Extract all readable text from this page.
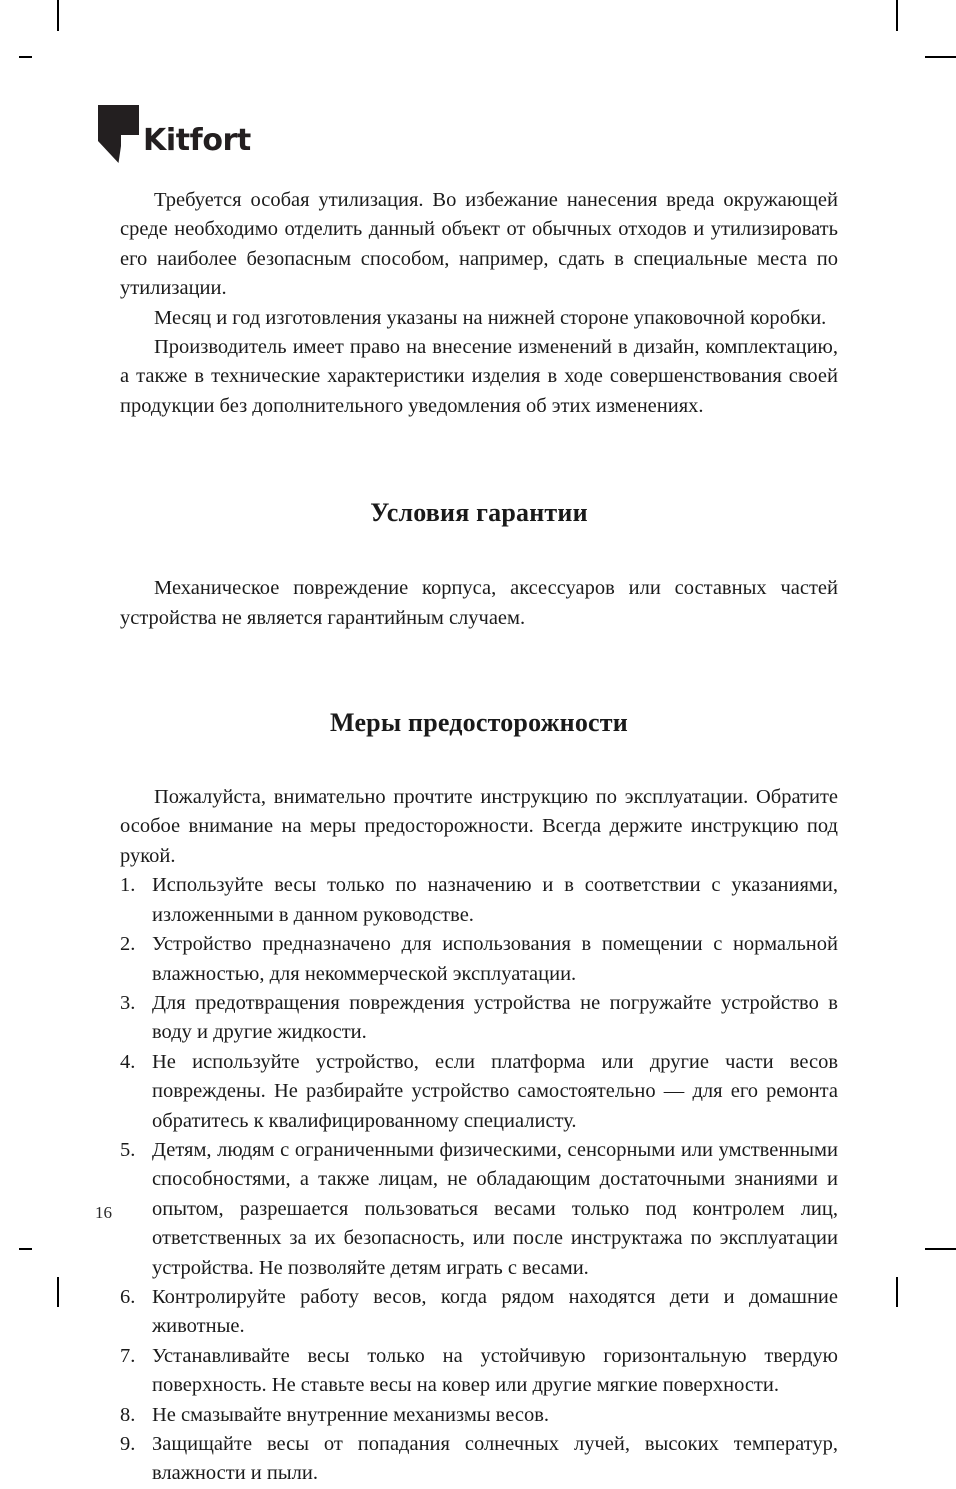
Kitfort

Требуется особая утилизация. Во избежание нанесения вреда окружающей среде необходимо отделить данный объект от обычных отходов и утилизировать его наиболее безопасным способом, например, сдать в специальные места по утилизации.

Месяц и год изготовления указаны на нижней стороне упаковочной коробки.

Производитель имеет право на внесение изменений в дизайн, комплектацию, а также в технические характеристики изделия в ходе совершенствования своей продукции без дополнительного уведомления об этих изменениях.

Условия гарантии

Механическое повреждение корпуса, аксессуаров или составных частей устройства не является гарантийным случаем.

Меры предосторожности

Пожалуйста, внимательно прочтите инструкцию по эксплуатации. Обратите особое внимание на меры предосторожности. Всегда держите инструкцию под рукой.

Используйте весы только по назначению и в соответствии с указаниями, изложенными в данном руководстве.
Устройство предназначено для использования в помещении с нормальной влажностью, для некоммерческой эксплуатации.
Для предотвращения повреждения устройства не погружайте устройство в воду и другие жидкости.
Не используйте устройство, если платформа или другие части весов повреждены. Не разбирайте устройство самостоятельно — для его ремонта обратитесь к квалифицированному специалисту.
Детям, людям с ограниченными физическими, сенсорными или умственными способностями, а также лицам, не обладающим достаточными знаниями и опытом, разрешается пользоваться весами только под контролем лиц, ответственных за их безопасность, или после инструктажа по эксплуатации устройства. Не позволяйте детям играть с весами.
Контролируйте работу весов, когда рядом находятся дети и домашние животные.
Устанавливайте весы только на устойчивую горизонтальную твердую поверхность. Не ставьте весы на ковер или другие мягкие поверхности.
Не смазывайте внутренние механизмы весов.
Защищайте весы от попадания солнечных лучей, высоких температур, влажности и пыли.
16
